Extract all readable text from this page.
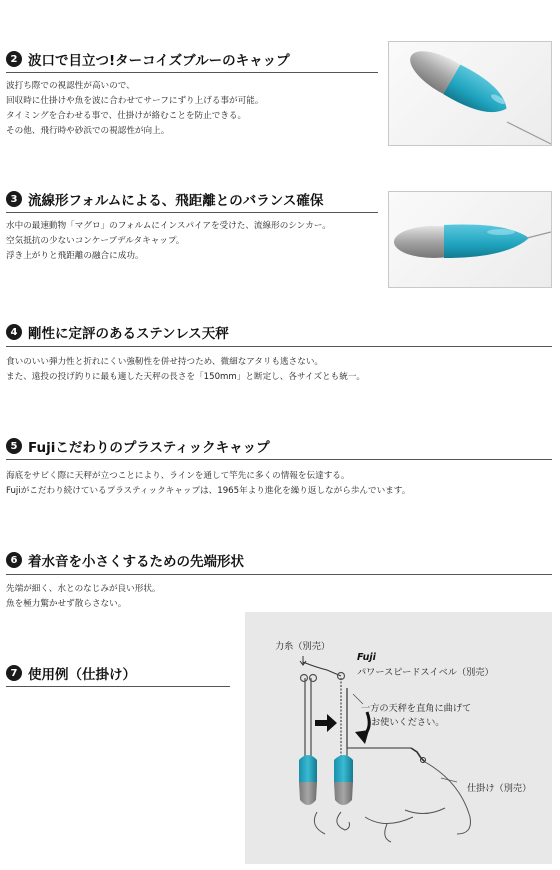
2 波口で目立つ!ターコイズブルーのキャップ
波打ち際での視認性が高いので、
回収時に仕掛けや魚を波に合わせてサーフにずり上げる事が可能。
タイミングを合わせる事で、仕掛けが絡むことを防止できる。
その他、飛行時や砂浜での視認性が向上。
3 流線形フォルムによる、飛距離とのバランス確保
水中の最速動物「マグロ」のフォルムにインスパイアを受けた、流線形のシンカー。
空気抵抗の少ないコンケーブデルタキャップ。
浮き上がりと飛距離の融合に成功。
4 剛性に定評のあるステンレス天秤
食いのいい弾力性と折れにくい強靭性を併せ持つため、微細なアタリも逃さない。
また、遠投の投げ釣りに最も適した天秤の長さを「150mm」と断定し、各サイズとも統一。
5 Fujiこだわりのプラスティックキャップ
海底をサビく際に天秤が立つことにより、ラインを通して竿先に多くの情報を伝達する。
Fujiがこだわり続けているプラスティックキャップは、1965年より進化を繰り返しながら歩んでいます。
6 着水音を小さくするための先端形状
先端が細く、水とのなじみが良い形状。
魚を極力驚かせず散らさない。
7 使用例（仕掛け）
力糸（別売）
Fuji
パワースピードスイベル（別売）
一方の天秤を直角に曲げて
お使いください。
仕掛け（別売）
